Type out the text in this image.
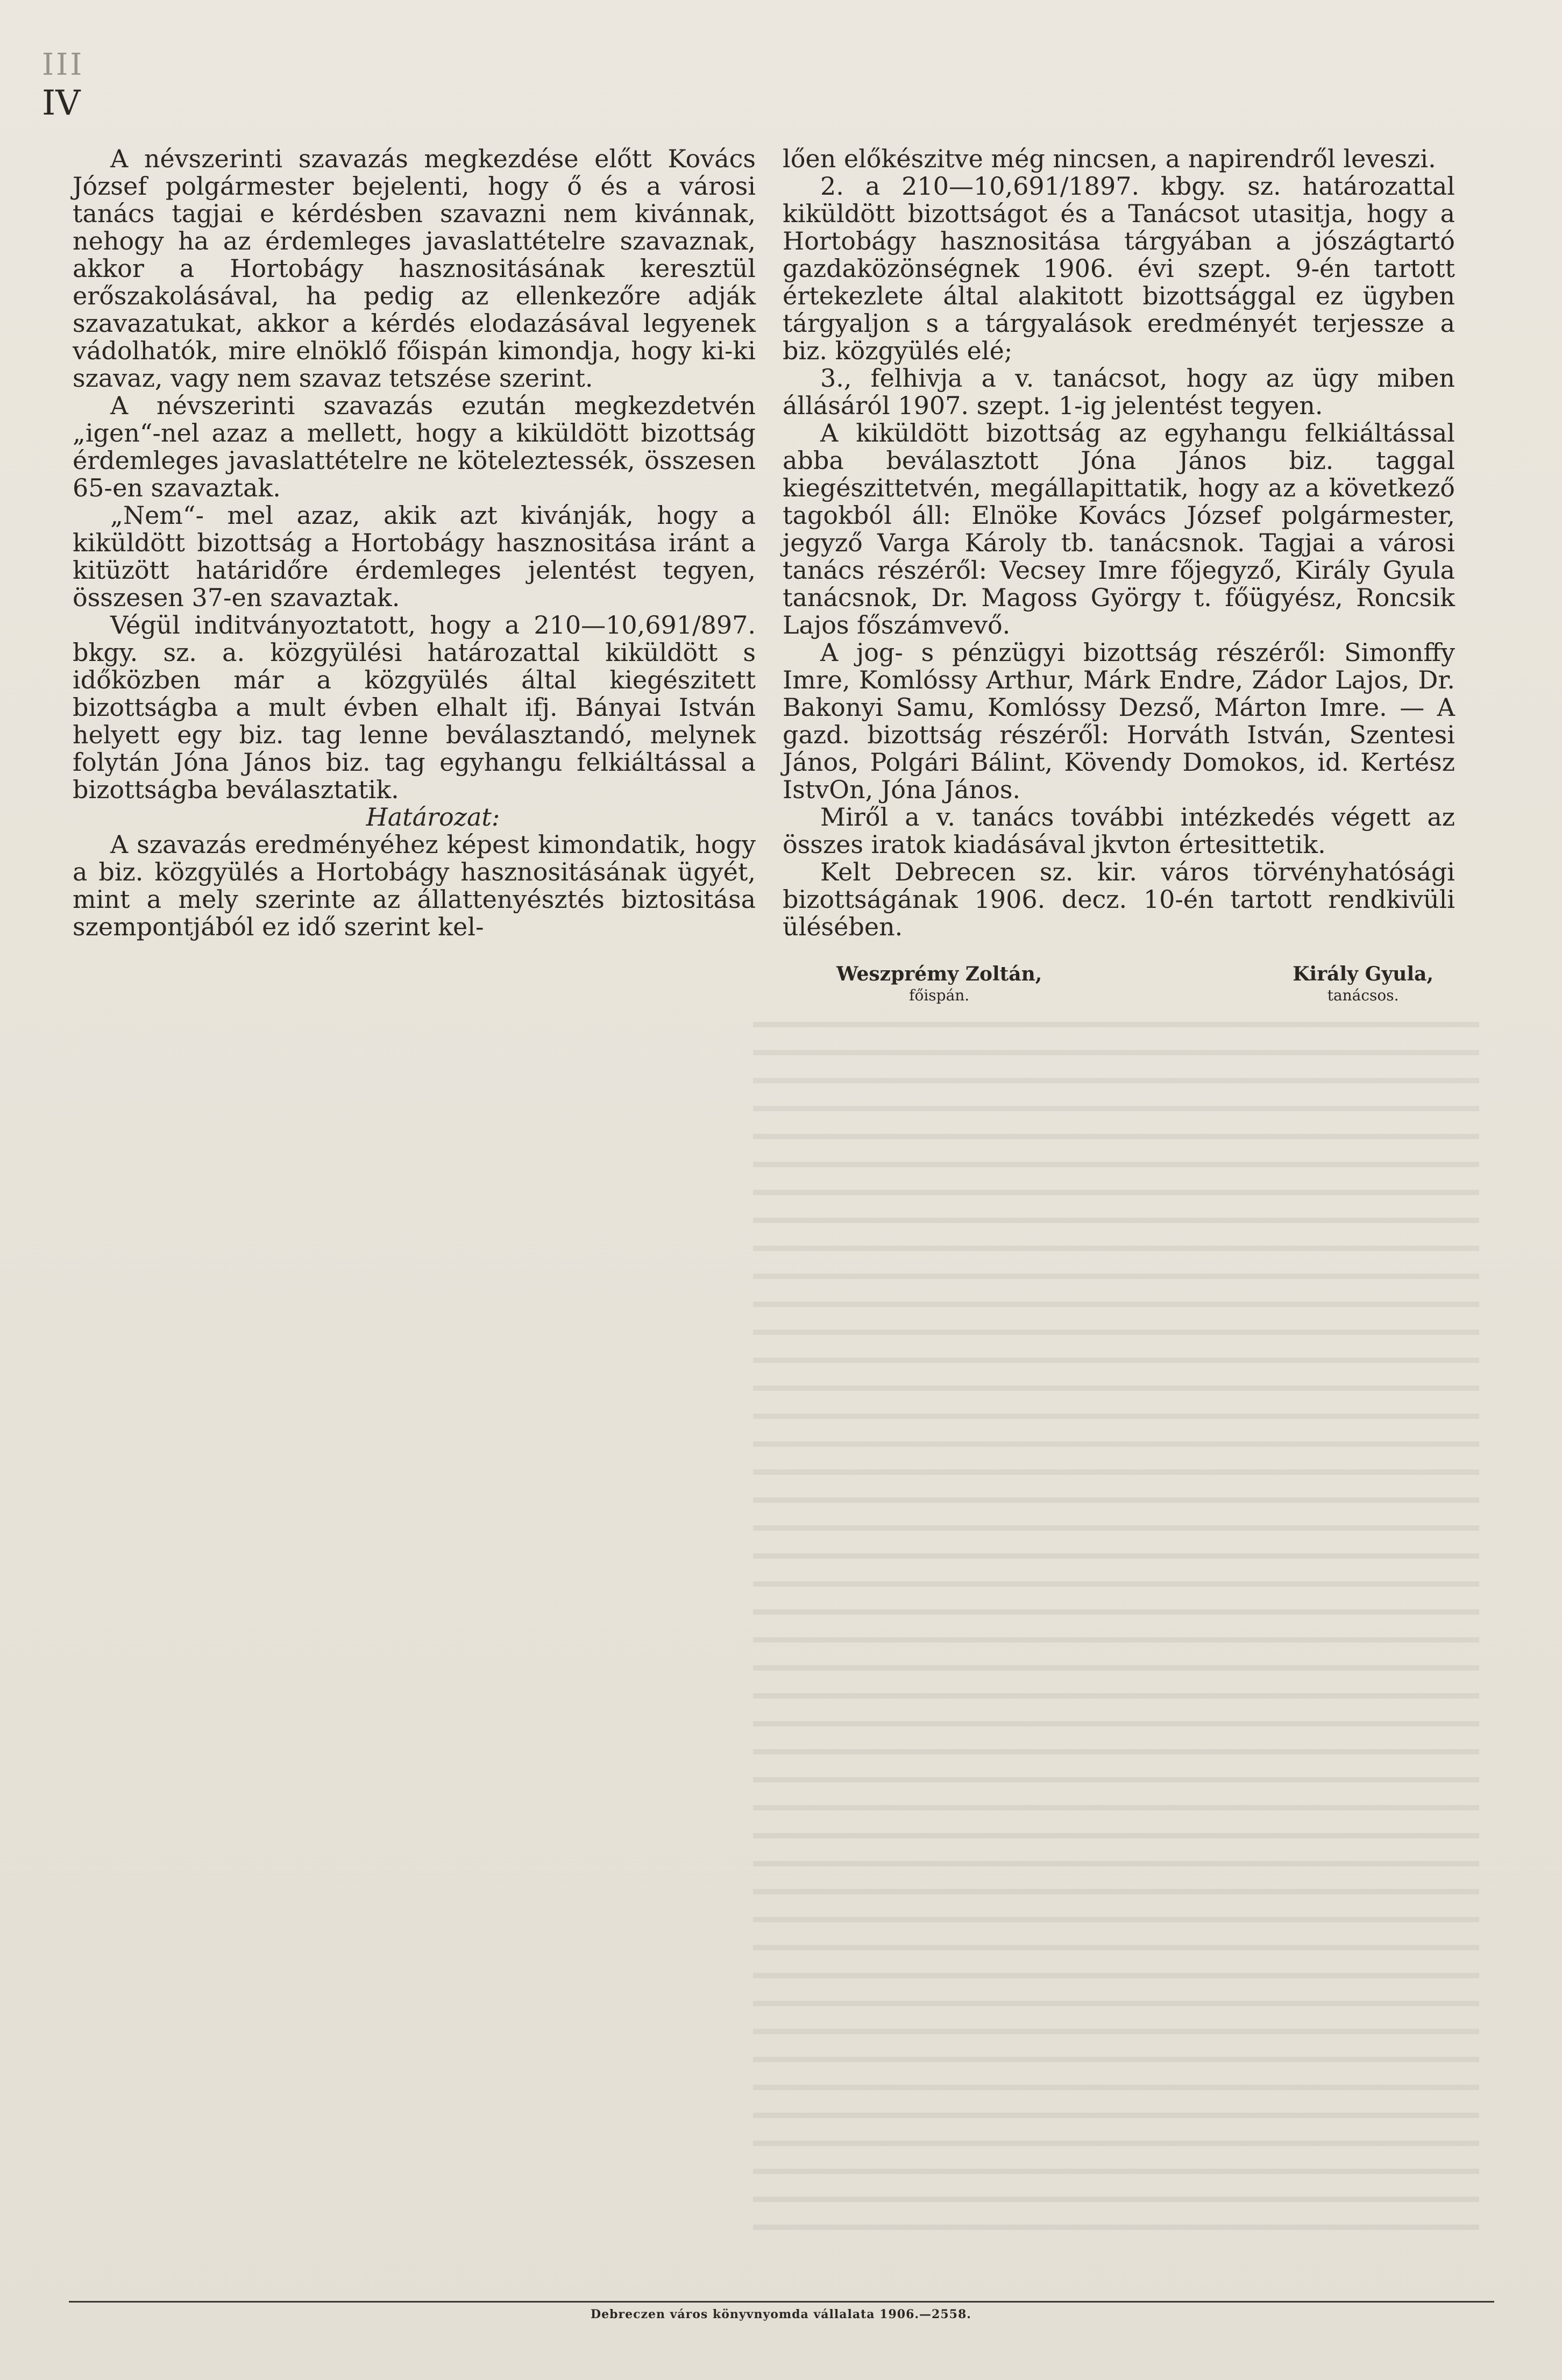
III
IV

A névszerinti szavazás megkezdése előtt Kovács József polgármester bejelenti, hogy ő és a városi tanács tagjai e kérdésben szavazni nem kivánnak, nehogy ha az érdemleges javaslattételre szavaznak, akkor a Hortobágy hasznositásának keresztül erőszakolásával, ha pedig az ellenkezőre adják szavazatukat, akkor a kérdés elodazásával legyenek vádolhatók, mire elnöklő főispán kimondja, hogy ki-ki szavaz, vagy nem szavaz tetszése szerint.

A névszerinti szavazás ezután megkezdetvén „igen“-nel azaz a mellett, hogy a kiküldött bizottság érdemleges javaslattételre ne köteleztessék, összesen 65-en szavaztak.

„Nem“- mel azaz, akik azt kivánják, hogy a kiküldött bizottság a Hortobágy hasznositása iránt a kitüzött határidőre érdemleges jelentést tegyen, összesen 37-en szavaztak.

Végül inditványoztatott, hogy a 210—10,691/897. bkgy. sz. a. közgyülési határozattal kiküldött s időközben már a közgyülés által kiegészitett bizottságba a mult évben elhalt ifj. Bányai István helyett egy biz. tag lenne beválasztandó, melynek folytán Jóna János biz. tag egyhangu felkiáltással a bizottságba beválasztatik.

Határozat:

A szavazás eredményéhez képest kimondatik, hogy a biz. közgyülés a Hortobágy hasznositásának ügyét, mint a mely szerinte az állattenyésztés biztositása szempontjából ez idő szerint kel-

lően előkészitve még nincsen, a napirendről leveszi.

2. a 210—10,691/1897. kbgy. sz. határozattal kiküldött bizottságot és a Tanácsot utasitja, hogy a Hortobágy hasznositása tárgyában a jószágtartó gazdaközönségnek 1906. évi szept. 9-én tartott értekezlete által alakitott bizottsággal ez ügyben tárgyaljon s a tárgyalások eredményét terjessze a biz. közgyülés elé;

3., felhivja a v. tanácsot, hogy az ügy miben állásáról 1907. szept. 1-ig jelentést tegyen.

A kiküldött bizottság az egyhangu felkiáltással abba beválasztott Jóna János biz. taggal kiegészittetvén, megállapittatik, hogy az a következő tagokból áll: Elnöke Kovács József polgármester, jegyző Varga Károly tb. tanácsnok. Tagjai a városi tanács részéről: Vecsey Imre főjegyző, Király Gyula tanácsnok, Dr. Magoss György t. főügyész, Roncsik Lajos főszámvevő.

A jog- s pénzügyi bizottság részéről: Simonffy Imre, Komlóssy Arthur, Márk Endre, Zádor Lajos, Dr. Bakonyi Samu, Komlóssy Dezső, Márton Imre. — A gazd. bizottság részéről: Horváth István, Szentesi János, Polgári Bálint, Kövendy Domokos, id. Kertész IstvOn, Jóna János.

Miről a v. tanács további intézkedés végett az összes iratok kiadásával jkvton értesittetik.

Kelt Debrecen sz. kir. város törvényhatósági bizottságának 1906. decz. 10-én tartott rendkivüli ülésében.

Weszprémy Zoltán,
főispán.
Király Gyula,
tanácsos.
Debreczen város könyvnyomda vállalata 1906.—2558.
